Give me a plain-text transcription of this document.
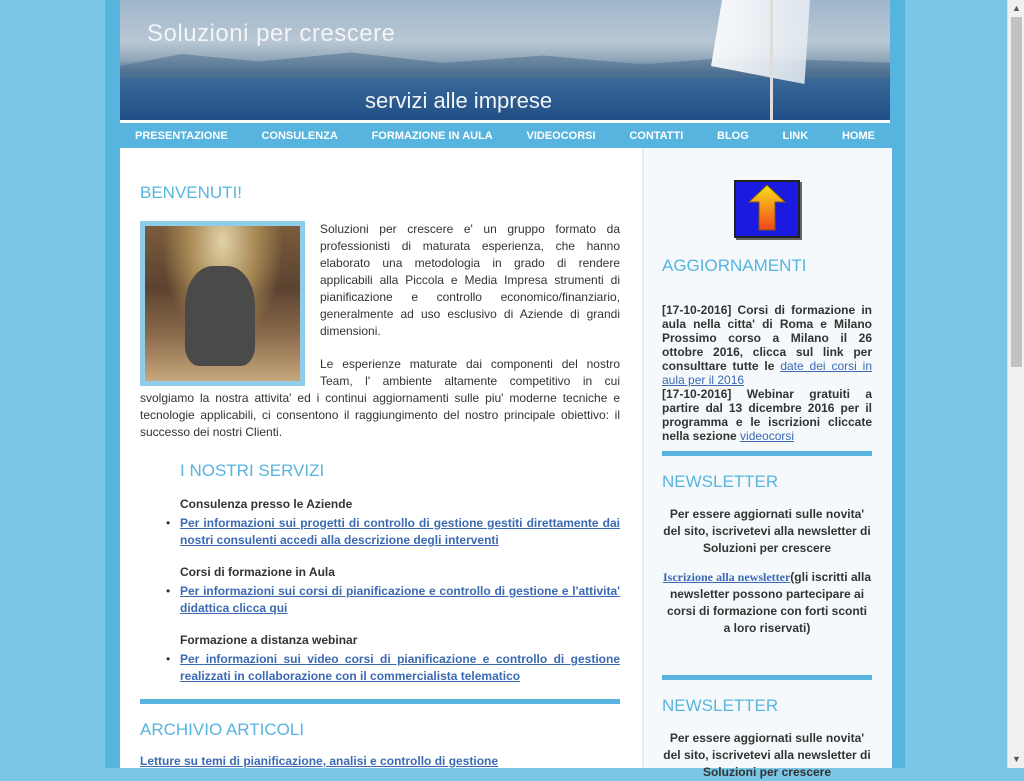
Soluzioni per crescere
servizi alle imprese
PRESENTAZIONE	CONSULENZA	FORMAZIONE IN AULA	VIDEOCORSI	CONTATTI	BLOG	LINK	HOME
BENVENUTI!

Soluzioni per crescere e' un gruppo formato da professionisti di maturata esperienza, che hanno elaborato una metodologia in grado di rendere applicabili alla Piccola e Media Impresa strumenti di pianificazione e controllo economico/finanziario, generalmente ad uso esclusivo di Aziende di grandi dimensioni.

Le esperienze maturate dai componenti del nostro Team, l' ambiente altamente competitivo in cui svolgiamo la nostra attivita' ed i continui aggiornamenti sulle piu' moderne tecniche e tecnologie applicabili, ci consentono il raggiungimento del nostro principale obiettivo: il successo dei nostri Clienti.

I NOSTRI SERVIZI
Consulenza presso le Aziende
• Per informazioni sui progetti di controllo di gestione gestiti direttamente dai nostri consulenti accedi alla descrizione degli interventi
Corsi di formazione in Aula
• Per informazioni sui corsi di pianificazione e controllo di gestione e l'attivita' didattica clicca qui
Formazione a distanza webinar
• Per informazioni sui video corsi di pianificazione e controllo di gestione realizzati in collaborazione con il commercialista telematico
ARCHIVIO ARTICOLI
Letture su temi di pianificazione, analisi e controllo di gestione
AGGIORNAMENTI
[17-10-2016] Corsi di formazione in aula nella citta' di Roma e Milano Prossimo corso a Milano il 26 ottobre 2016, clicca sul link per consulttare tutte le date dei corsi in aula per il 2016
[17-10-2016] Webinar gratuiti a partire dal 13 dicembre 2016 per il programma e le iscrizioni cliccate nella sezione videocorsi
NEWSLETTER
Per essere aggiornati sulle novita' del sito, iscrivetevi alla newsletter di Soluzioni per crescere
Iscrizione alla newsletter(gli iscritti alla newsletter possono partecipare ai corsi di formazione con forti sconti a loro riservati)
NEWSLETTER
Per essere aggiornati sulle novita' del sito, iscrivetevi alla newsletter di Soluzioni per crescere
▲
▼
